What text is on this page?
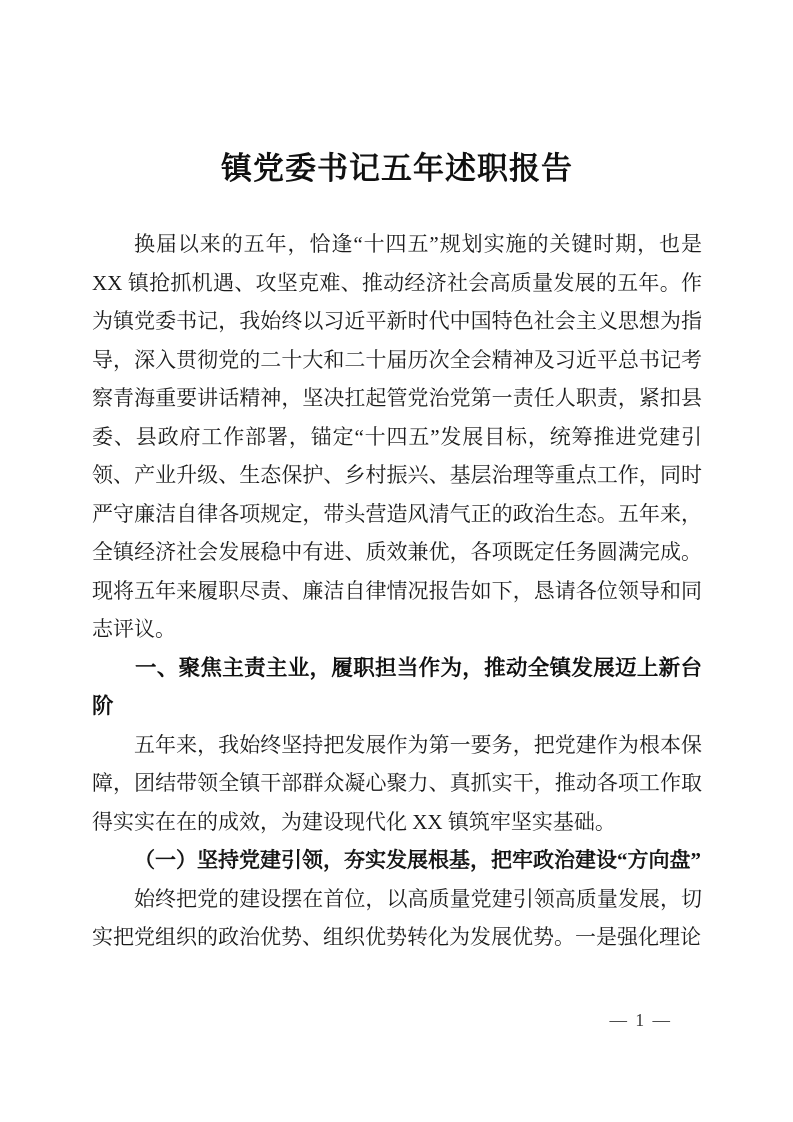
镇党委书记五年述职报告

换届以来的五年，恰逢“十四五”规划实施的关键时期，也是 XX 镇抢抓机遇、攻坚克难、推动经济社会高质量发展的五年。作为镇党委书记，我始终以习近平新时代中国特色社会主义思想为指导，深入贯彻党的二十大和二十届历次全会精神及习近平总书记考察青海重要讲话精神，坚决扛起管党治党第一责任人职责，紧扣县委、县政府工作部署，锚定“十四五”发展目标，统筹推进党建引领、产业升级、生态保护、乡村振兴、基层治理等重点工作，同时严守廉洁自律各项规定，带头营造风清气正的政治生态。五年来，全镇经济社会发展稳中有进、质效兼优，各项既定任务圆满完成。现将五年来履职尽责、廉洁自律情况报告如下，恳请各位领导和同志评议。

一、聚焦主责主业，履职担当作为，推动全镇发展迈上新台阶

五年来，我始终坚持把发展作为第一要务，把党建作为根本保障，团结带领全镇干部群众凝心聚力、真抓实干，推动各项工作取得实实在在的成效，为建设现代化 XX 镇筑牢坚实基础。

（一）坚持党建引领，夯实发展根基，把牢政治建设“方向盘”

始终把党的建设摆在首位，以高质量党建引领高质量发展，切实把党组织的政治优势、组织优势转化为发展优势。一是强化理论

— 1 —
